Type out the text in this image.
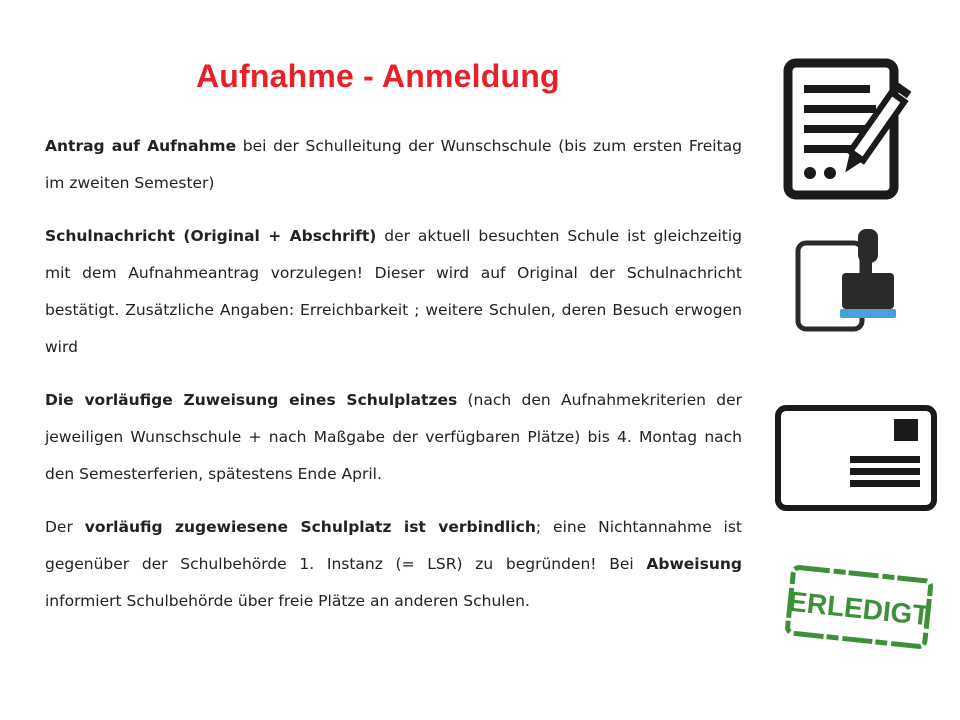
Aufnahme - Anmeldung

Antrag auf Aufnahme bei der Schulleitung der Wunschschule (bis zum ersten Freitag im zweiten Semester)

Schulnachricht (Original + Abschrift) der aktuell besuchten Schule ist gleichzeitig mit dem Aufnahmeantrag vorzulegen! Dieser wird auf Original der Schulnachricht bestätigt. Zusätzliche Angaben: Erreichbarkeit ; weitere Schulen, deren Besuch erwogen wird

Die vorläufige Zuweisung eines Schulplatzes (nach den Aufnahmekriterien der jeweiligen Wunschschule + nach Maßgabe der verfügbaren Plätze) bis 4. Montag nach den Semesterferien, spätestens Ende April.

Der vorläufig zugewiesene Schulplatz ist verbindlich; eine Nichtannahme ist gegenüber der Schulbehörde 1. Instanz (= LSR) zu begründen! Bei Abweisung informiert Schulbehörde über freie Plätze an anderen Schulen.	ERLEDIGT
